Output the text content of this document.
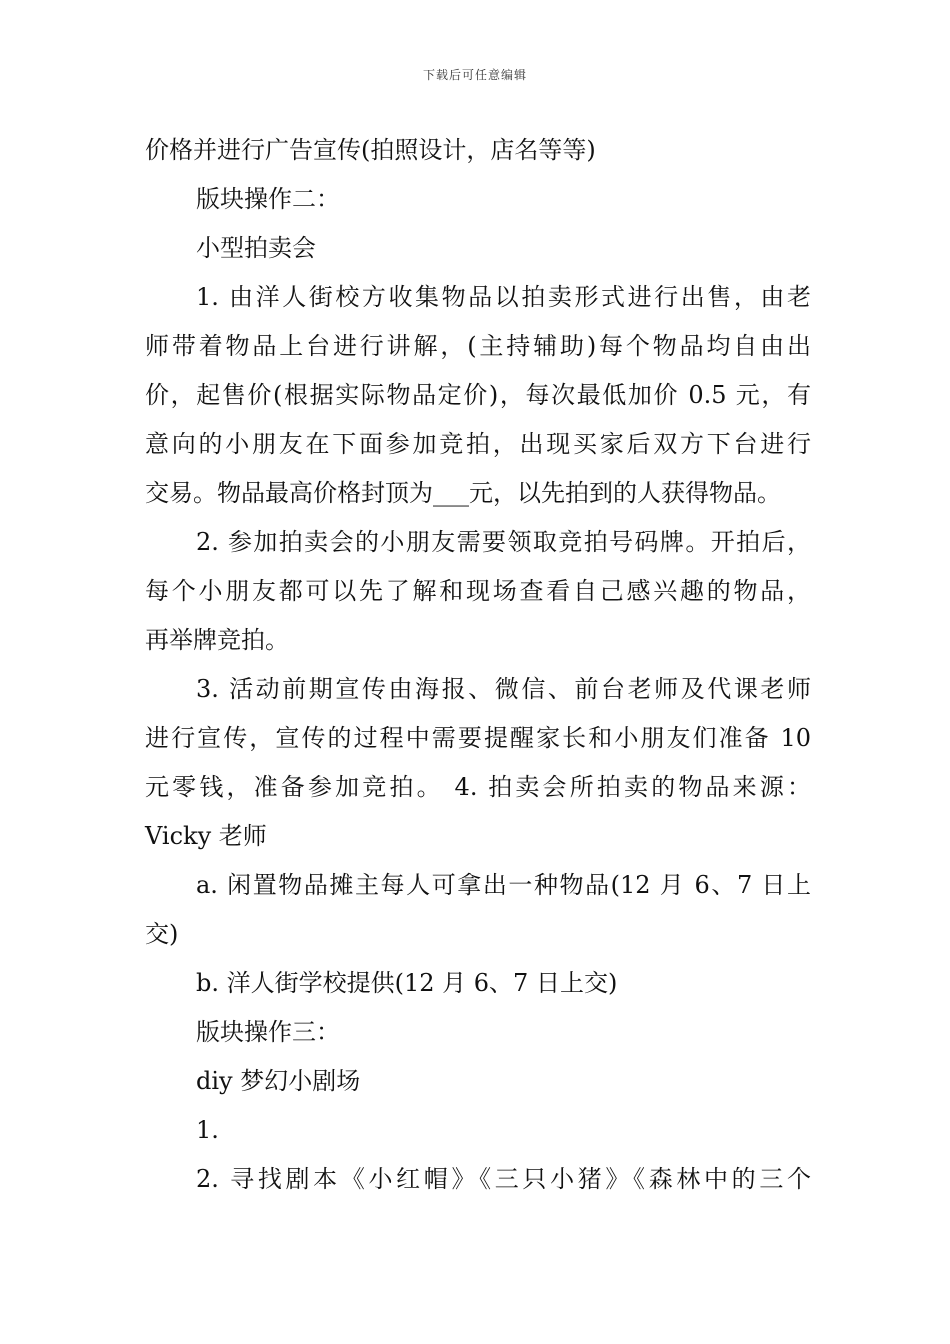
下载后可任意编辑
价格并进行广告宣传(拍照设计，店名等等)
版块操作二：
小型拍卖会
1. 由洋人街校方收集物品以拍卖形式进行出售，由老
师带着物品上台进行讲解，(主持辅助)每个物品均自由出
价，起售价(根据实际物品定价)，每次最低加价 0.5 元，有
意向的小朋友在下面参加竞拍，出现买家后双方下台进行
交易。物品最高价格封顶为___元，以先拍到的人获得物品。
2. 参加拍卖会的小朋友需要领取竞拍号码牌。开拍后，
每个小朋友都可以先了解和现场查看自己感兴趣的物品，
再举牌竞拍。
3. 活动前期宣传由海报、微信、前台老师及代课老师
进行宣传，宣传的过程中需要提醒家长和小朋友们准备 10
元零钱，准备参加竞拍。 4. 拍卖会所拍卖的物品来源：
Vicky 老师
a. 闲置物品摊主每人可拿出一种物品(12 月 6、7 日上
交)
b. 洋人街学校提供(12 月 6、7 日上交)
版块操作三：
diy 梦幻小剧场
1.
2. 寻找剧本《小红帽》《三只小猪》《森林中的三个
